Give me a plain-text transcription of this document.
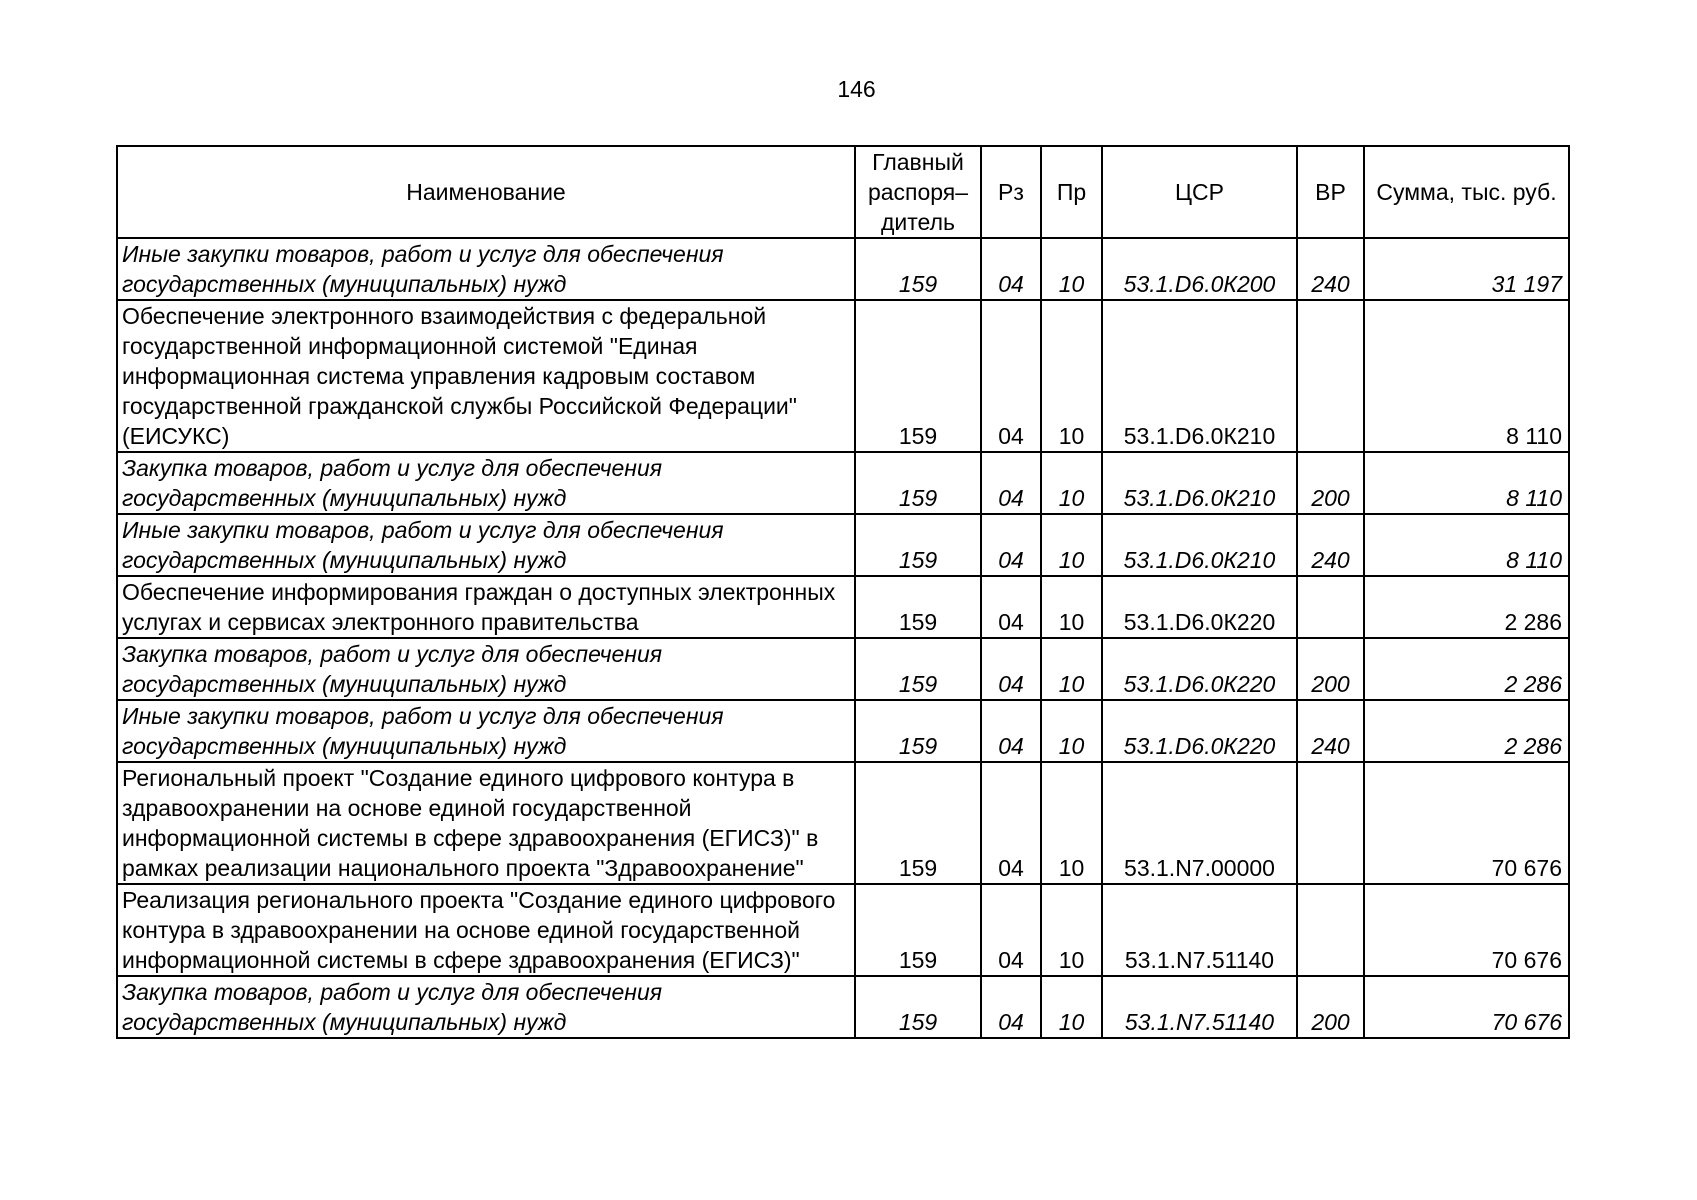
146
Наименование	Главный распоря–дитель	Рз	Пр	ЦСР	ВР	Сумма, тыс. руб.
Иные закупки товаров, работ и услуг для обеспечения государственных (муниципальных) нужд	159	04	10	53.1.D6.0К200	240	31 197
Обеспечение электронного взаимодействия с федеральной государственной информационной системой "Единая информационная система управления кадровым составом государственной гражданской службы Российской Федерации" (ЕИСУКС)	159	04	10	53.1.D6.0К210		8 110
Закупка товаров, работ и услуг для обеспечения государственных (муниципальных) нужд	159	04	10	53.1.D6.0К210	200	8 110
Иные закупки товаров, работ и услуг для обеспечения государственных (муниципальных) нужд	159	04	10	53.1.D6.0К210	240	8 110
Обеспечение информирования граждан о доступных электронных услугах и сервисах электронного правительства	159	04	10	53.1.D6.0К220		2 286
Закупка товаров, работ и услуг для обеспечения государственных (муниципальных) нужд	159	04	10	53.1.D6.0К220	200	2 286
Иные закупки товаров, работ и услуг для обеспечения государственных (муниципальных) нужд	159	04	10	53.1.D6.0К220	240	2 286
Региональный проект "Создание единого цифрового контура в здравоохранении на основе единой государственной информационной системы в сфере здравоохранения (ЕГИСЗ)" в рамках реализации национального проекта "Здравоохранение"	159	04	10	53.1.N7.00000		70 676
Реализация регионального проекта "Создание единого цифрового контура в здравоохранении на основе единой государственной информационной системы в сфере здравоохранения (ЕГИСЗ)"	159	04	10	53.1.N7.51140		70 676
Закупка товаров, работ и услуг для обеспечения государственных (муниципальных) нужд	159	04	10	53.1.N7.51140	200	70 676
